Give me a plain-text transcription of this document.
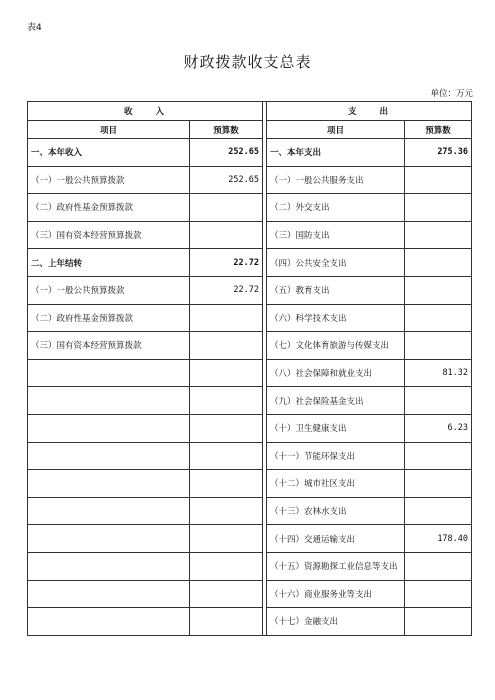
表4
财政拨款收支总表
单位：万元
收　　入			支　　出	
项目	预算数		项目	预算数
一、本年收入	252.65		一、本年支出	275.36
（一）一般公共预算拨款	252.65		（一）一般公共服务支出	
（二）政府性基金预算拨款			（二）外交支出	
（三）国有资本经营预算拨款			（三）国防支出	
二、上年结转	22.72		（四）公共安全支出	
（一）一般公共预算拨款	22.72		（五）教育支出	
（二）政府性基金预算拨款			（六）科学技术支出	
（三）国有资本经营预算拨款			（七）文化体育旅游与传媒支出	
			（八）社会保障和就业支出	81.32
			（九）社会保险基金支出	
			（十）卫生健康支出	6.23
			（十一）节能环保支出	
			（十二）城市社区支出	
			（十三）农林水支出	
			（十四）交通运输支出	178.40
			（十五）资源勘探工业信息等支出	
			（十六）商业服务业等支出	
			（十七）金融支出	
